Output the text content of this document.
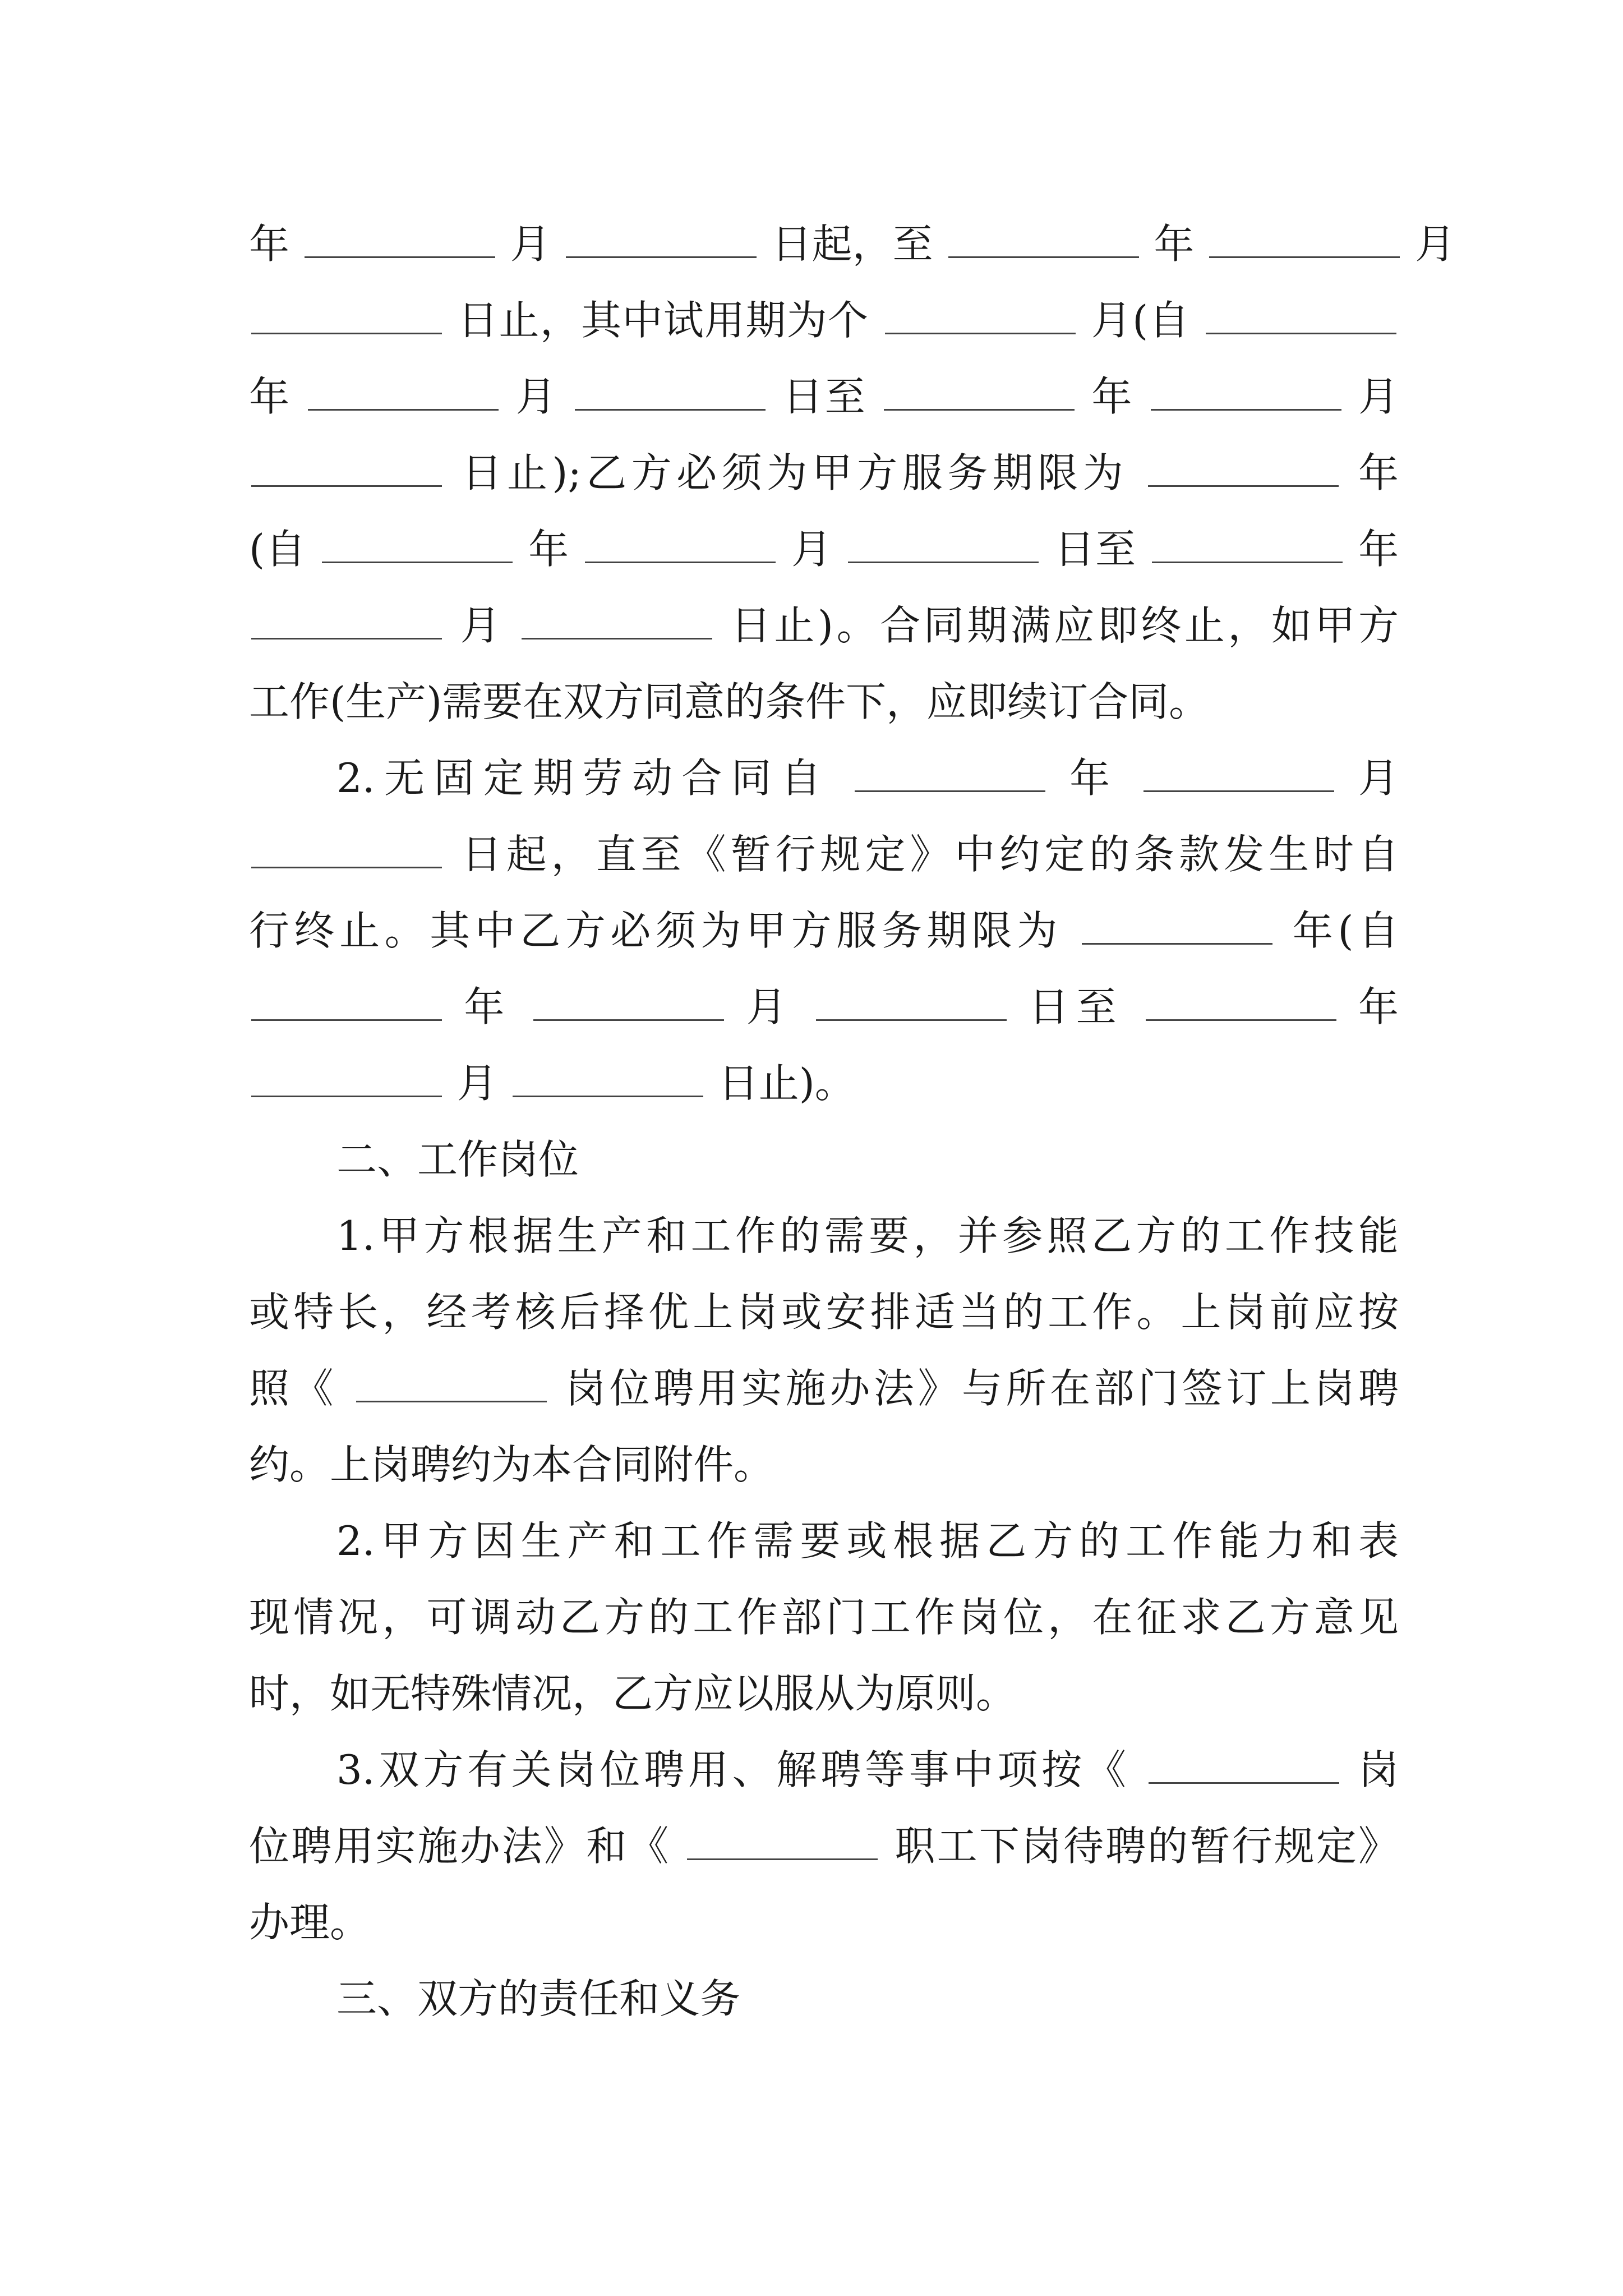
年	月	日起，至	年	月
日止，其中试用期为个	月(自
年	月	日至	年	月
日止);乙方必须为甲方服务期限为	年
(自	年	月	日至	年
月	日止)。合同期满应即终止，如甲方
工作(生产)需要在双方同意的条件下，应即续订合同。
2.无固定期劳动合同自	年	月
日起，直至《暂行规定》中约定的条款发生时自
行终止。其中乙方必须为甲方服务期限为	年(自
年	月	日至	年
月	日止)。
二、工作岗位
1.甲方根据生产和工作的需要，并参照乙方的工作技能
或特长，经考核后择优上岗或安排适当的工作。上岗前应按
照《	岗位聘用实施办法》与所在部门签订上岗聘
约。上岗聘约为本合同附件。
2.甲方因生产和工作需要或根据乙方的工作能力和表
现情况，可调动乙方的工作部门工作岗位，在征求乙方意见
时，如无特殊情况，乙方应以服从为原则。
3.双方有关岗位聘用、解聘等事中项按《	岗
位聘用实施办法》和《	职工下岗待聘的暂行规定》
办理。
三、双方的责任和义务
